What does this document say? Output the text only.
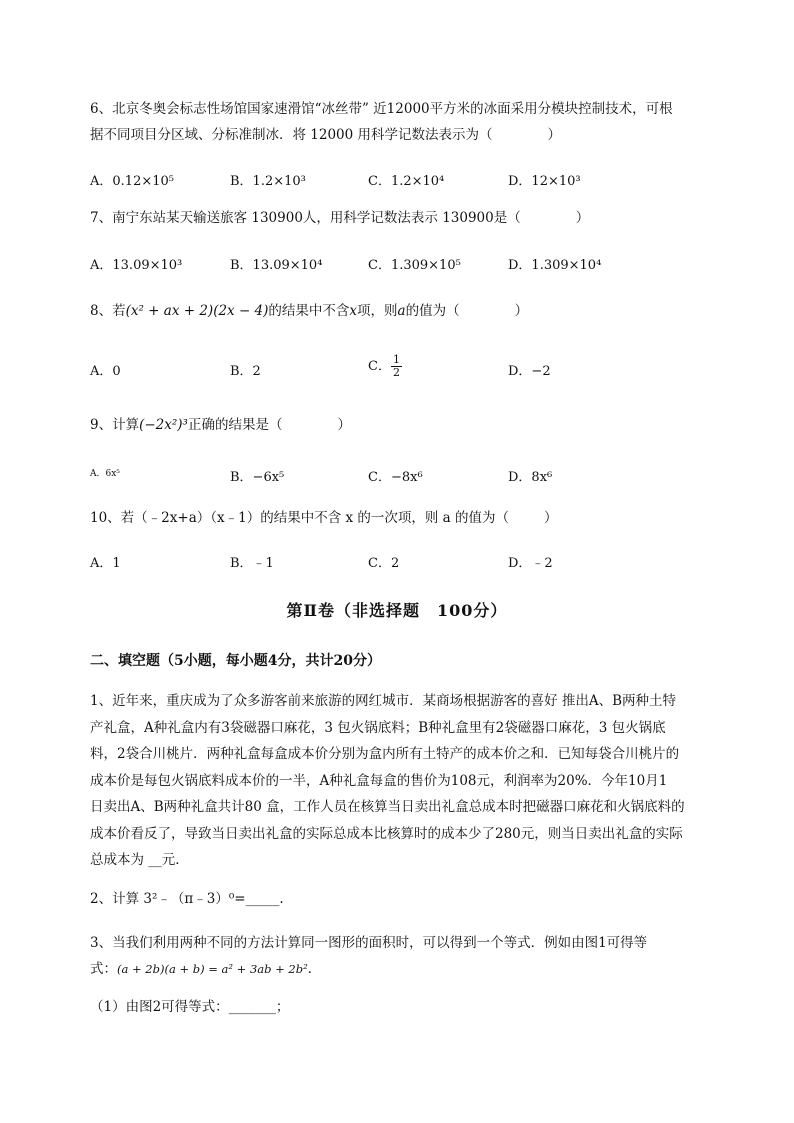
6、北京冬奥会标志性场馆国家速滑馆“冰丝带” 近12000平方米的冰面采用分模块控制技术，可根
据不同项目分区域、分标准制冰．将 12000 用科学记数法表示为（	）
A．0.12×10⁵	B．1.2×10³	C．1.2×10⁴	D．12×10³
7、南宁东站某天输送旅客 130900人，用科学记数法表示 130900是（	）
A．13.09×10³	B．13.09×10⁴	C．1.309×10⁵	D．1.309×10⁴
8、若(x² + ax + 2)(2x − 4)的结果中不含x项，则a的值为（	）
A．0	B．2	C． $\frac{1}{2}$	D．−2
9、计算(−2x²)³正确的结果是（	）
A．6x⁵	B．−6x⁵	C．−8x⁶	D．8x⁶
10、若（﹣2x+a）（x﹣1）的结果中不含 x 的一次项，则 a 的值为（	）
A．1	B．﹣1	C．2	D．﹣2
第Ⅱ卷（非选择题　100分）
二、填空题（5小题，每小题4分，共计20分）
1、近年来，重庆成为了众多游客前来旅游的网红城市．某商场根据游客的喜好 推出A、B两种土特
产礼盒，A种礼盒内有3袋磁器口麻花，3 包火锅底料；B种礼盒里有2袋磁器口麻花，3 包火锅底
料，2袋合川桃片．两种礼盒每盒成本价分别为盒内所有土特产的成本价之和．已知每袋合川桃片的
成本价是每包火锅底料成本价的一半，A种礼盒每盒的售价为108元，利润率为20%．今年10月1
日卖出A、B两种礼盒共计80 盒，工作人员在核算当日卖出礼盒总成本时把磁器口麻花和火锅底料的
成本价看反了，导致当日卖出礼盒的实际总成本比核算时的成本少了280元，则当日卖出礼盒的实际
总成本为 __元．
2、计算 3²﹣（π﹣3）⁰=_____.
3、当我们利用两种不同的方法计算同一图形的面积时，可以得到一个等式．例如由图1可得等
式：(a + 2b)(a + b) = a² + 3ab + 2b²．
（1）由图2可得等式：_______；
